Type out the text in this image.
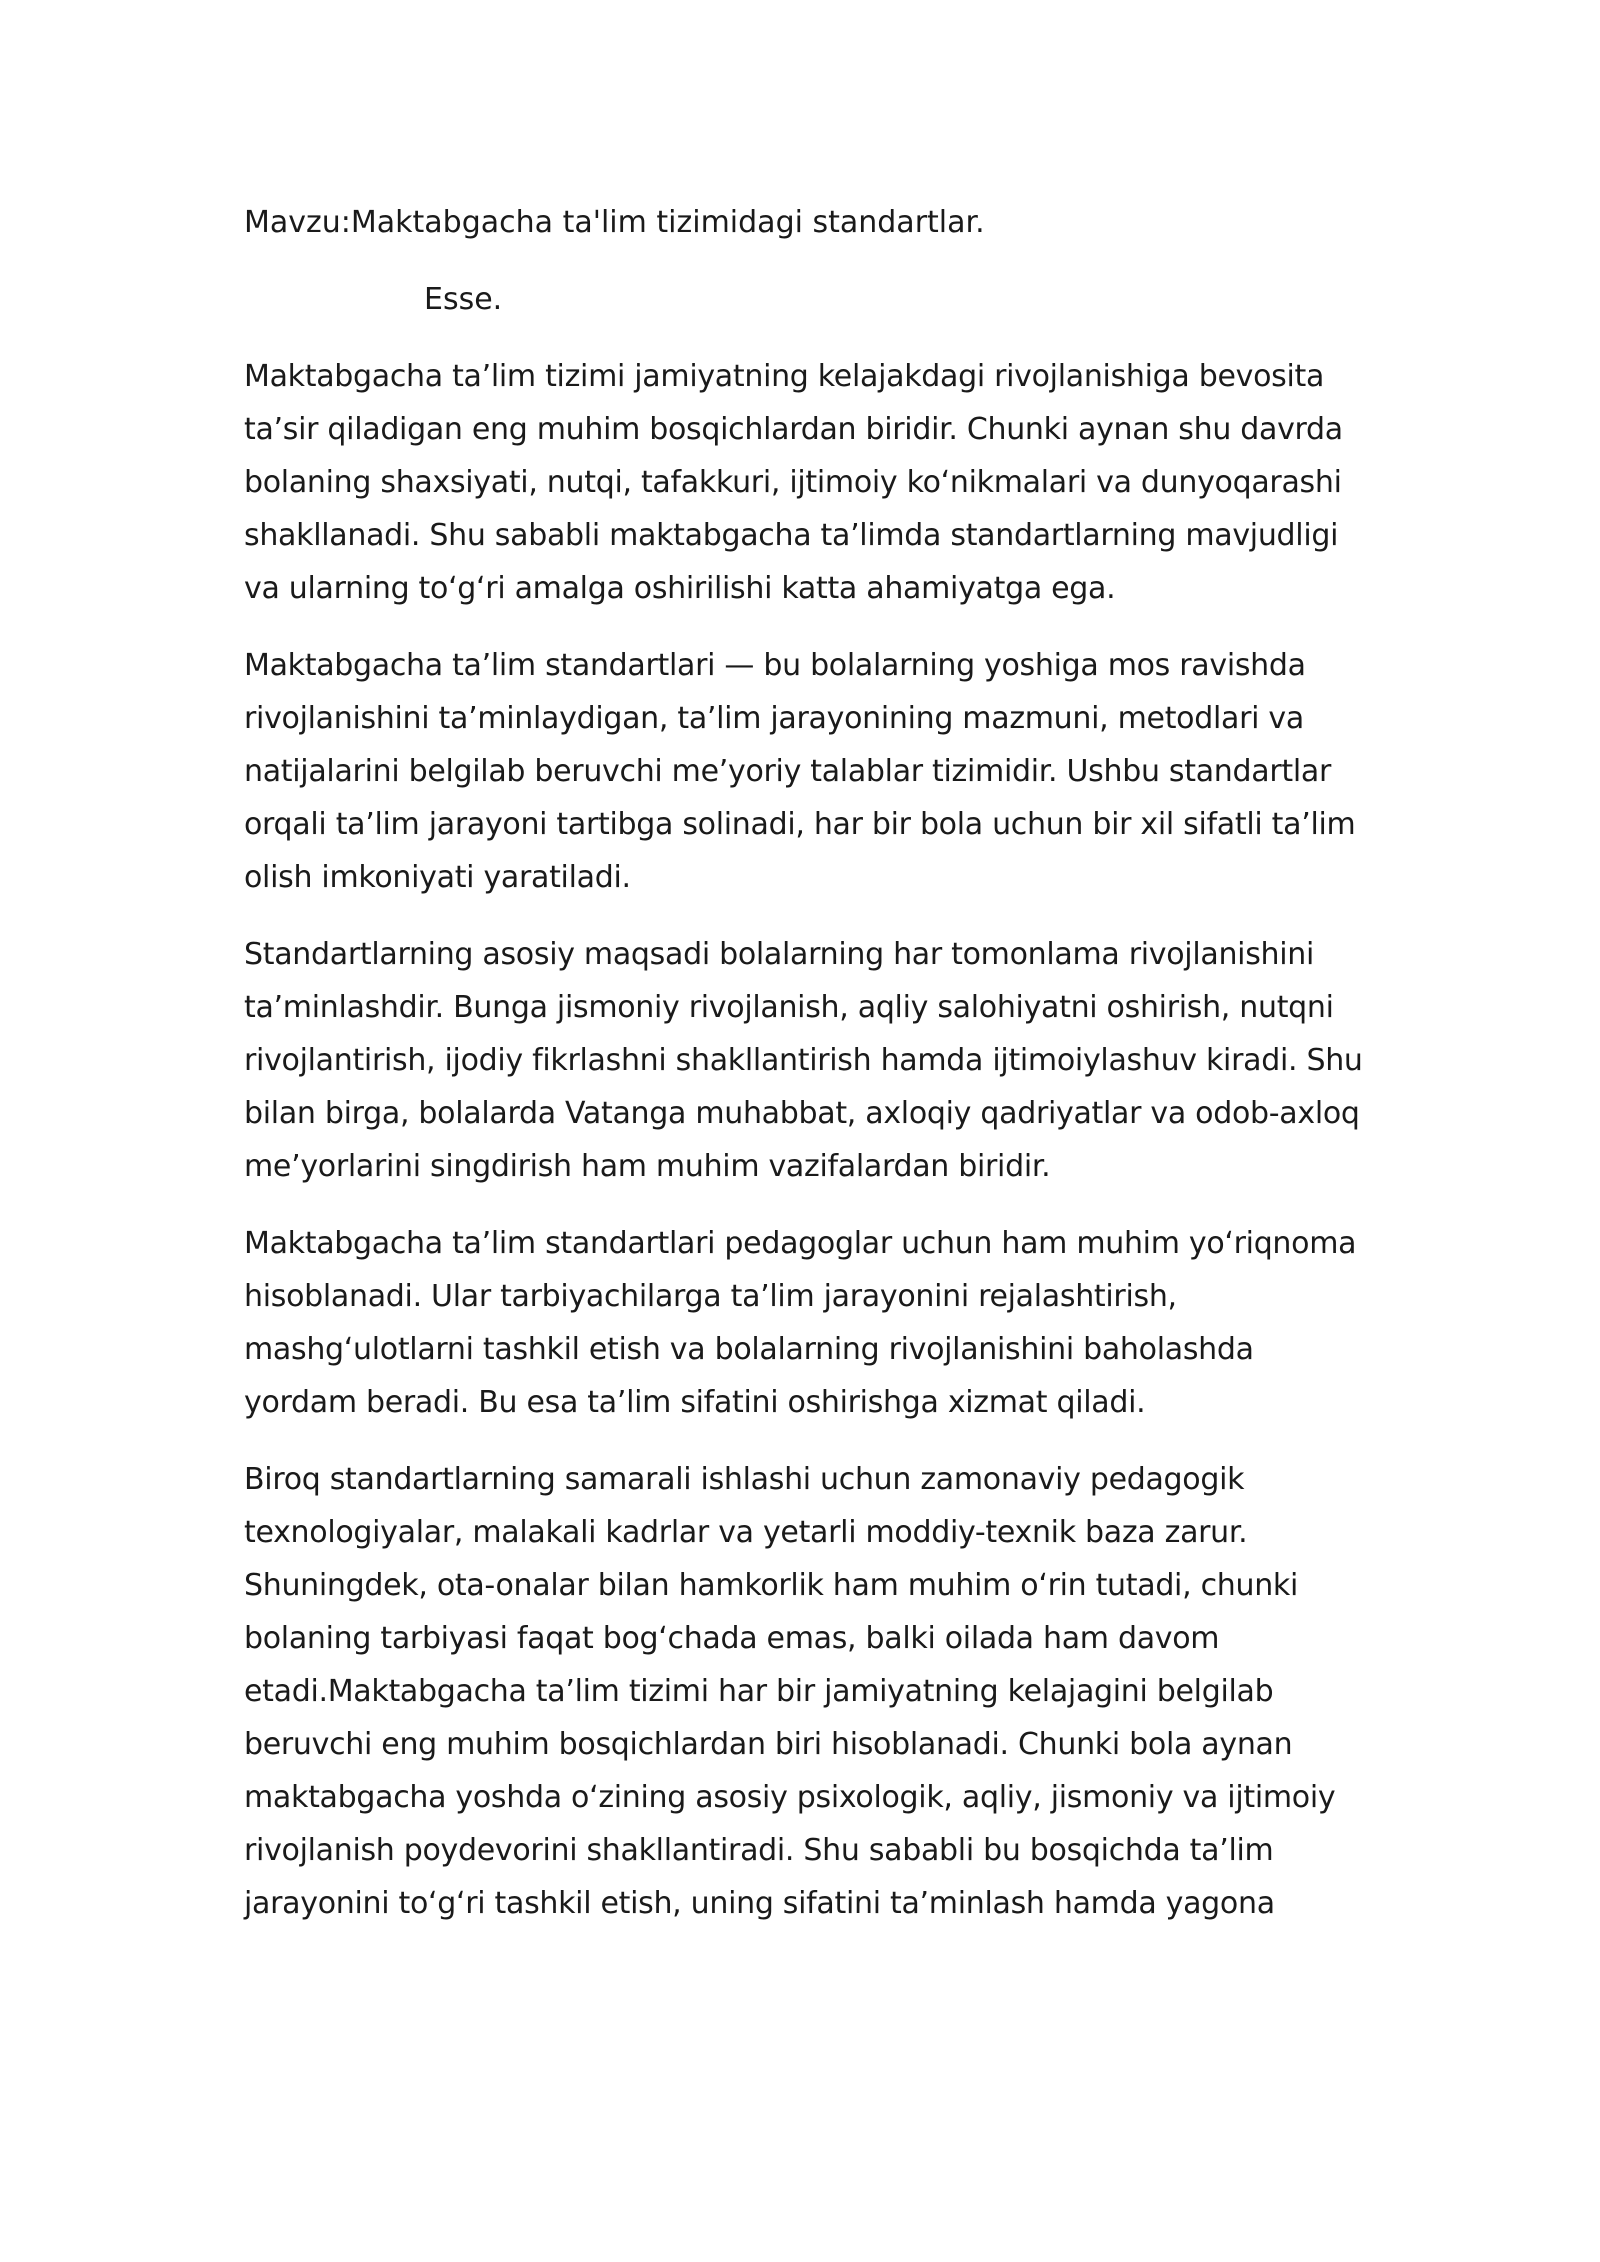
Mavzu:Maktabgacha ta'lim tizimidagi standartlar.

Esse.

Maktabgacha ta’lim tizimi jamiyatning kelajakdagi rivojlanishiga bevosita ta’sir qiladigan eng muhim bosqichlardan biridir. Chunki aynan shu davrda bolaning shaxsiyati, nutqi, tafakkuri, ijtimoiy koʻnikmalari va dunyoqarashi shakllanadi. Shu sababli maktabgacha ta’limda standartlarning mavjudligi va ularning toʻgʻri amalga oshirilishi katta ahamiyatga ega.

Maktabgacha ta’lim standartlari — bu bolalarning yoshiga mos ravishda rivojlanishini ta’minlaydigan, ta’lim jarayonining mazmuni, metodlari va natijalarini belgilab beruvchi me’yoriy talablar tizimidir. Ushbu standartlar orqali ta’lim jarayoni tartibga solinadi, har bir bola uchun bir xil sifatli ta’lim olish imkoniyati yaratiladi.

Standartlarning asosiy maqsadi bolalarning har tomonlama rivojlanishini ta’minlashdir. Bunga jismoniy rivojlanish, aqliy salohiyatni oshirish, nutqni rivojlantirish, ijodiy fikrlashni shakllantirish hamda ijtimoiylashuv kiradi. Shu bilan birga, bolalarda Vatanga muhabbat, axloqiy qadriyatlar va odob-axloq me’yorlarini singdirish ham muhim vazifalardan biridir.

Maktabgacha ta’lim standartlari pedagoglar uchun ham muhim yoʻriqnoma hisoblanadi. Ular tarbiyachilarga ta’lim jarayonini rejalashtirish, mashgʻulotlarni tashkil etish va bolalarning rivojlanishini baholashda yordam beradi. Bu esa ta’lim sifatini oshirishga xizmat qiladi.

Biroq standartlarning samarali ishlashi uchun zamonaviy pedagogik texnologiyalar, malakali kadrlar va yetarli moddiy-texnik baza zarur. Shuningdek, ota-onalar bilan hamkorlik ham muhim oʻrin tutadi, chunki bolaning tarbiyasi faqat bogʻchada emas, balki oilada ham davom etadi.Maktabgacha ta’lim tizimi har bir jamiyatning kelajagini belgilab beruvchi eng muhim bosqichlardan biri hisoblanadi. Chunki bola aynan maktabgacha yoshda oʻzining asosiy psixologik, aqliy, jismoniy va ijtimoiy rivojlanish poydevorini shakllantiradi. Shu sababli bu bosqichda ta’lim jarayonini toʻgʻri tashkil etish, uning sifatini ta’minlash hamda yagona
